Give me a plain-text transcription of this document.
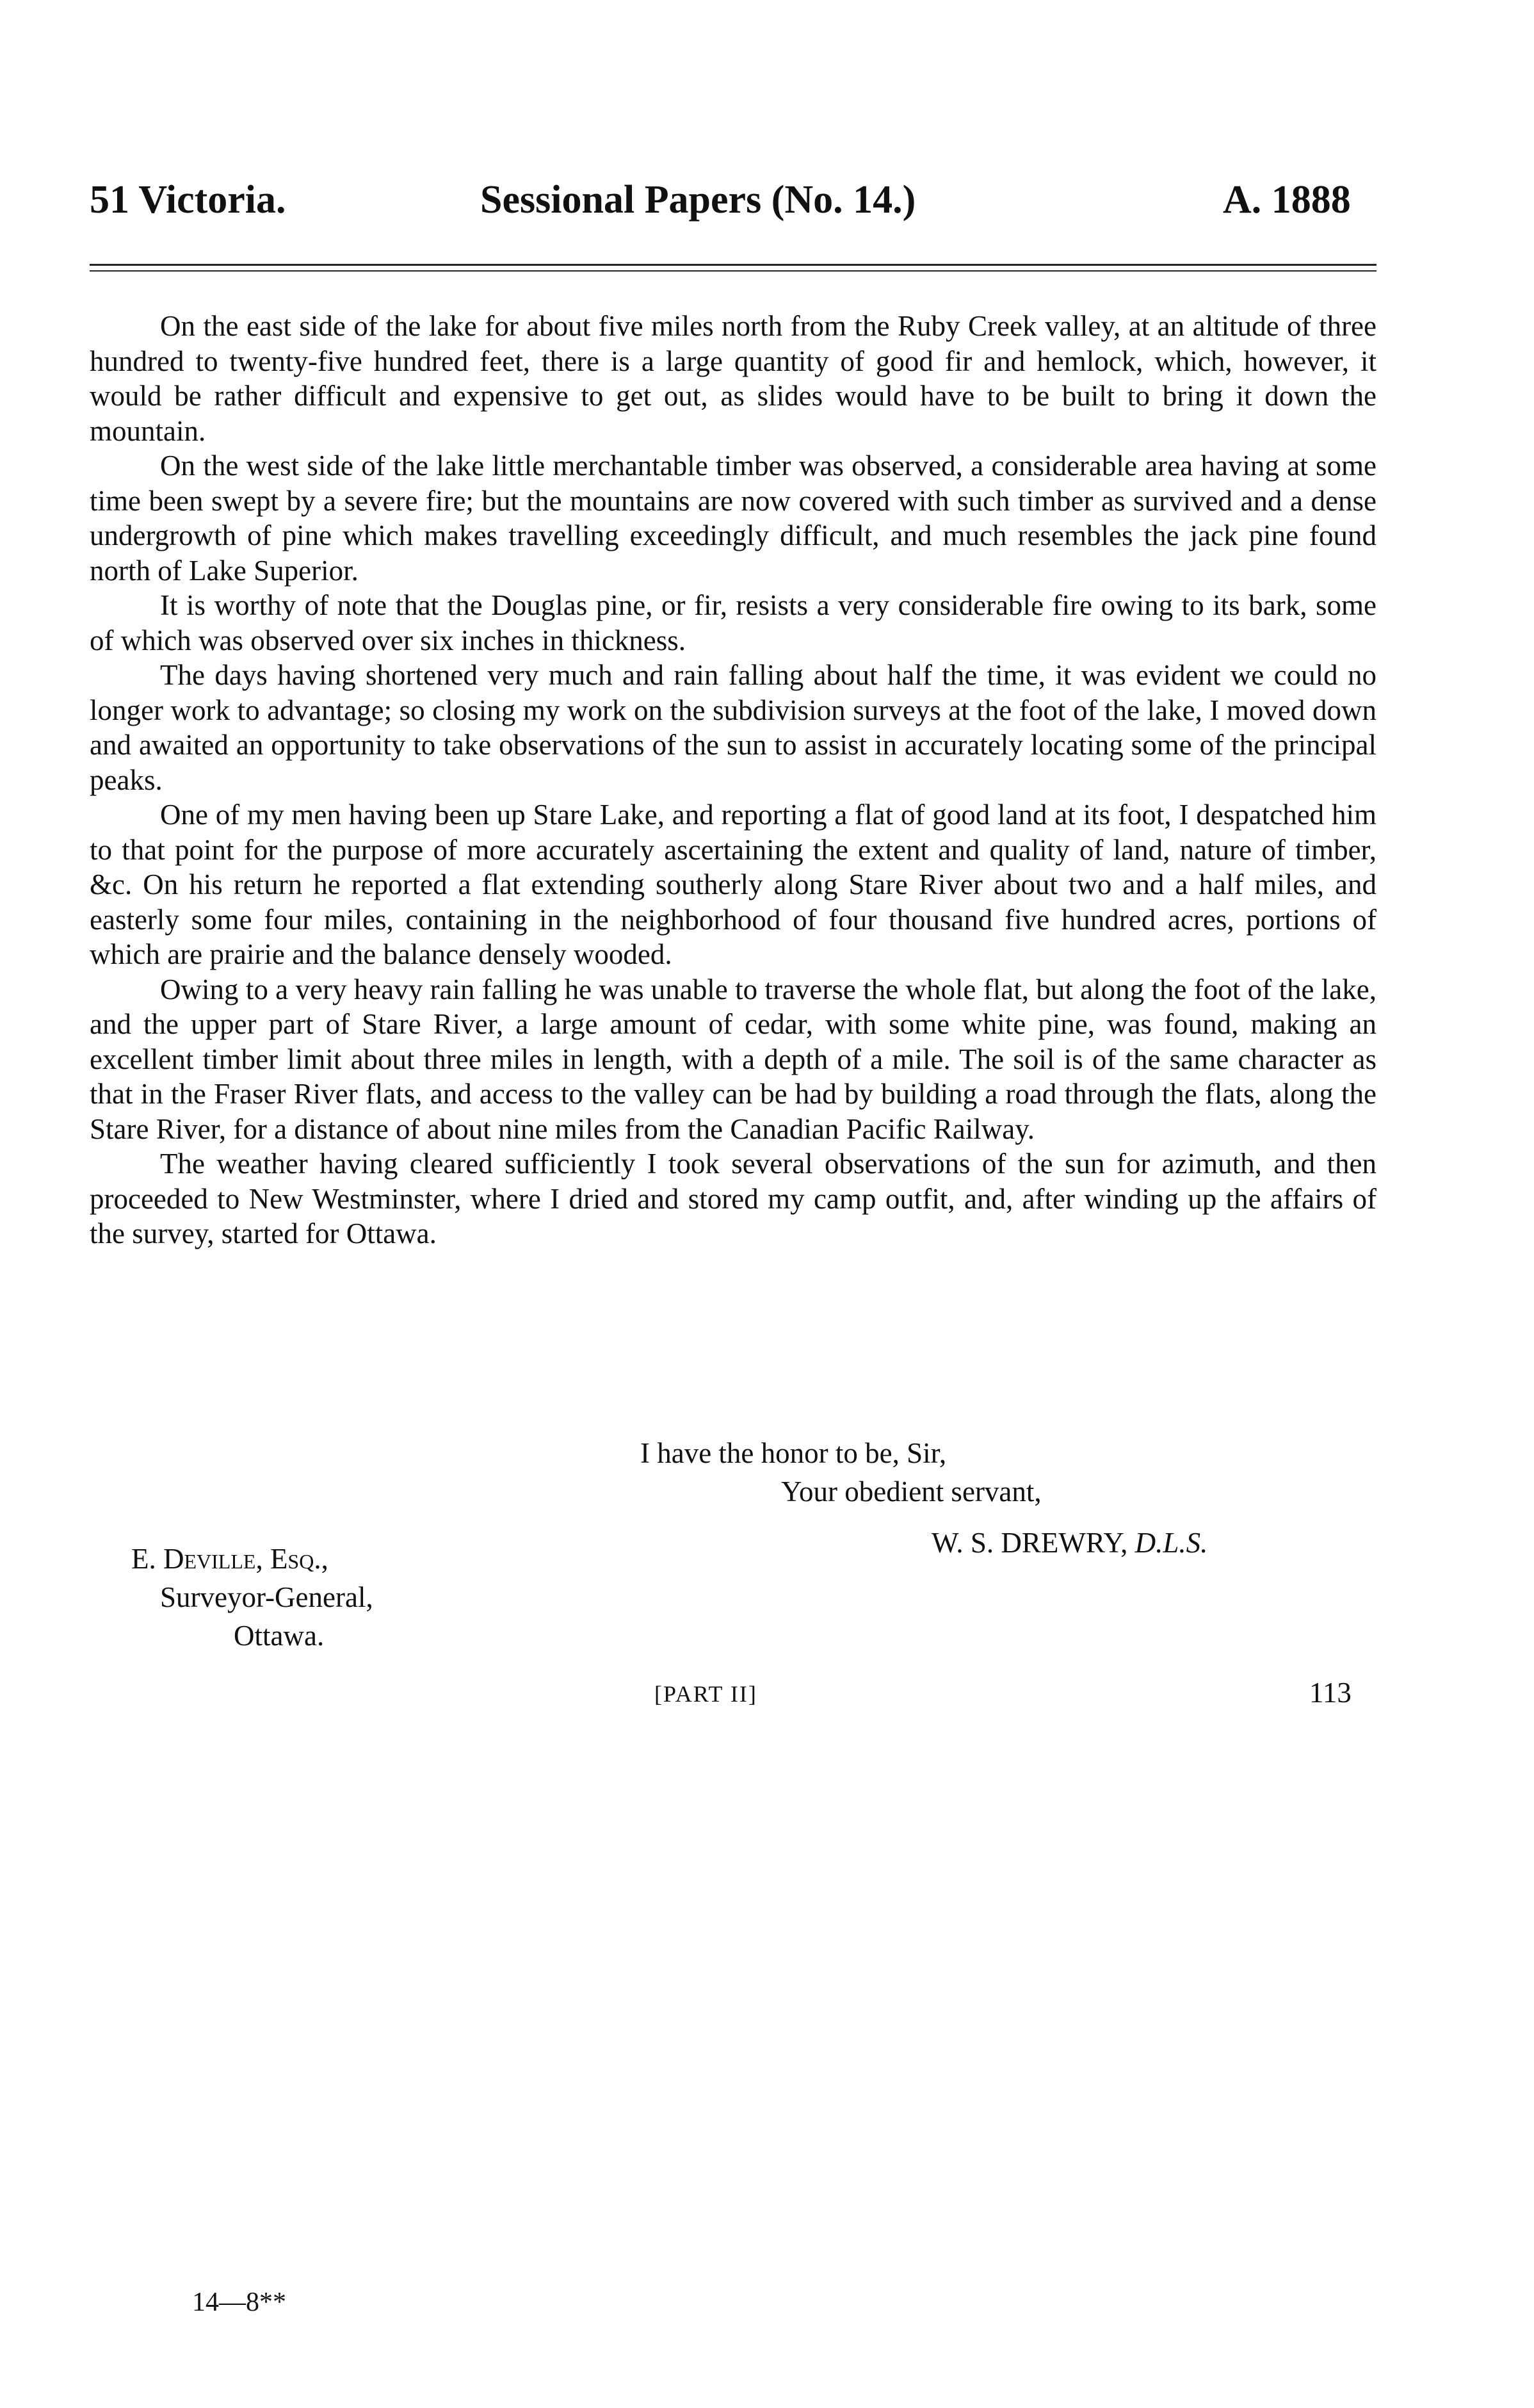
51 Victoria.	Sessional Papers (No. 14.)	A. 1888

On the east side of the lake for about five miles north from the Ruby Creek valley, at an altitude of three hundred to twenty-five hundred feet, there is a large quantity of good fir and hemlock, which, however, it would be rather difficult and expensive to get out, as slides would have to be built to bring it down the mountain.

On the west side of the lake little merchantable timber was observed, a considerable area having at some time been swept by a severe fire; but the mountains are now covered with such timber as survived and a dense undergrowth of pine which makes travelling exceedingly difficult, and much resembles the jack pine found north of Lake Superior.

It is worthy of note that the Douglas pine, or fir, resists a very considerable fire owing to its bark, some of which was observed over six inches in thickness.

The days having shortened very much and rain falling about half the time, it was evident we could no longer work to advantage; so closing my work on the subdivision surveys at the foot of the lake, I moved down and awaited an opportunity to take observations of the sun to assist in accurately locating some of the principal peaks.

One of my men having been up Stare Lake, and reporting a flat of good land at its foot, I despatched him to that point for the purpose of more accurately ascertaining the extent and quality of land, nature of timber, &c. On his return he reported a flat extending southerly along Stare River about two and a half miles, and easterly some four miles, containing in the neighborhood of four thousand five hundred acres, portions of which are prairie and the balance densely wooded.

Owing to a very heavy rain falling he was unable to traverse the whole flat, but along the foot of the lake, and the upper part of Stare River, a large amount of cedar, with some white pine, was found, making an excellent timber limit about three miles in length, with a depth of a mile. The soil is of the same character as that in the Fraser River flats, and access to the valley can be had by building a road through the flats, along the Stare River, for a distance of about nine miles from the Canadian Pacific Railway.

The weather having cleared sufficiently I took several observations of the sun for azimuth, and then proceeded to New Westminster, where I dried and stored my camp outfit, and, after winding up the affairs of the survey, started for Ottawa.

I have the honor to be, Sir,
Your obedient servant,
W. S. DREWRY, D.L.S.
E. Deville, Esq.,
Surveyor-General,
Ottawa.
[PART II]	113
14—8**
